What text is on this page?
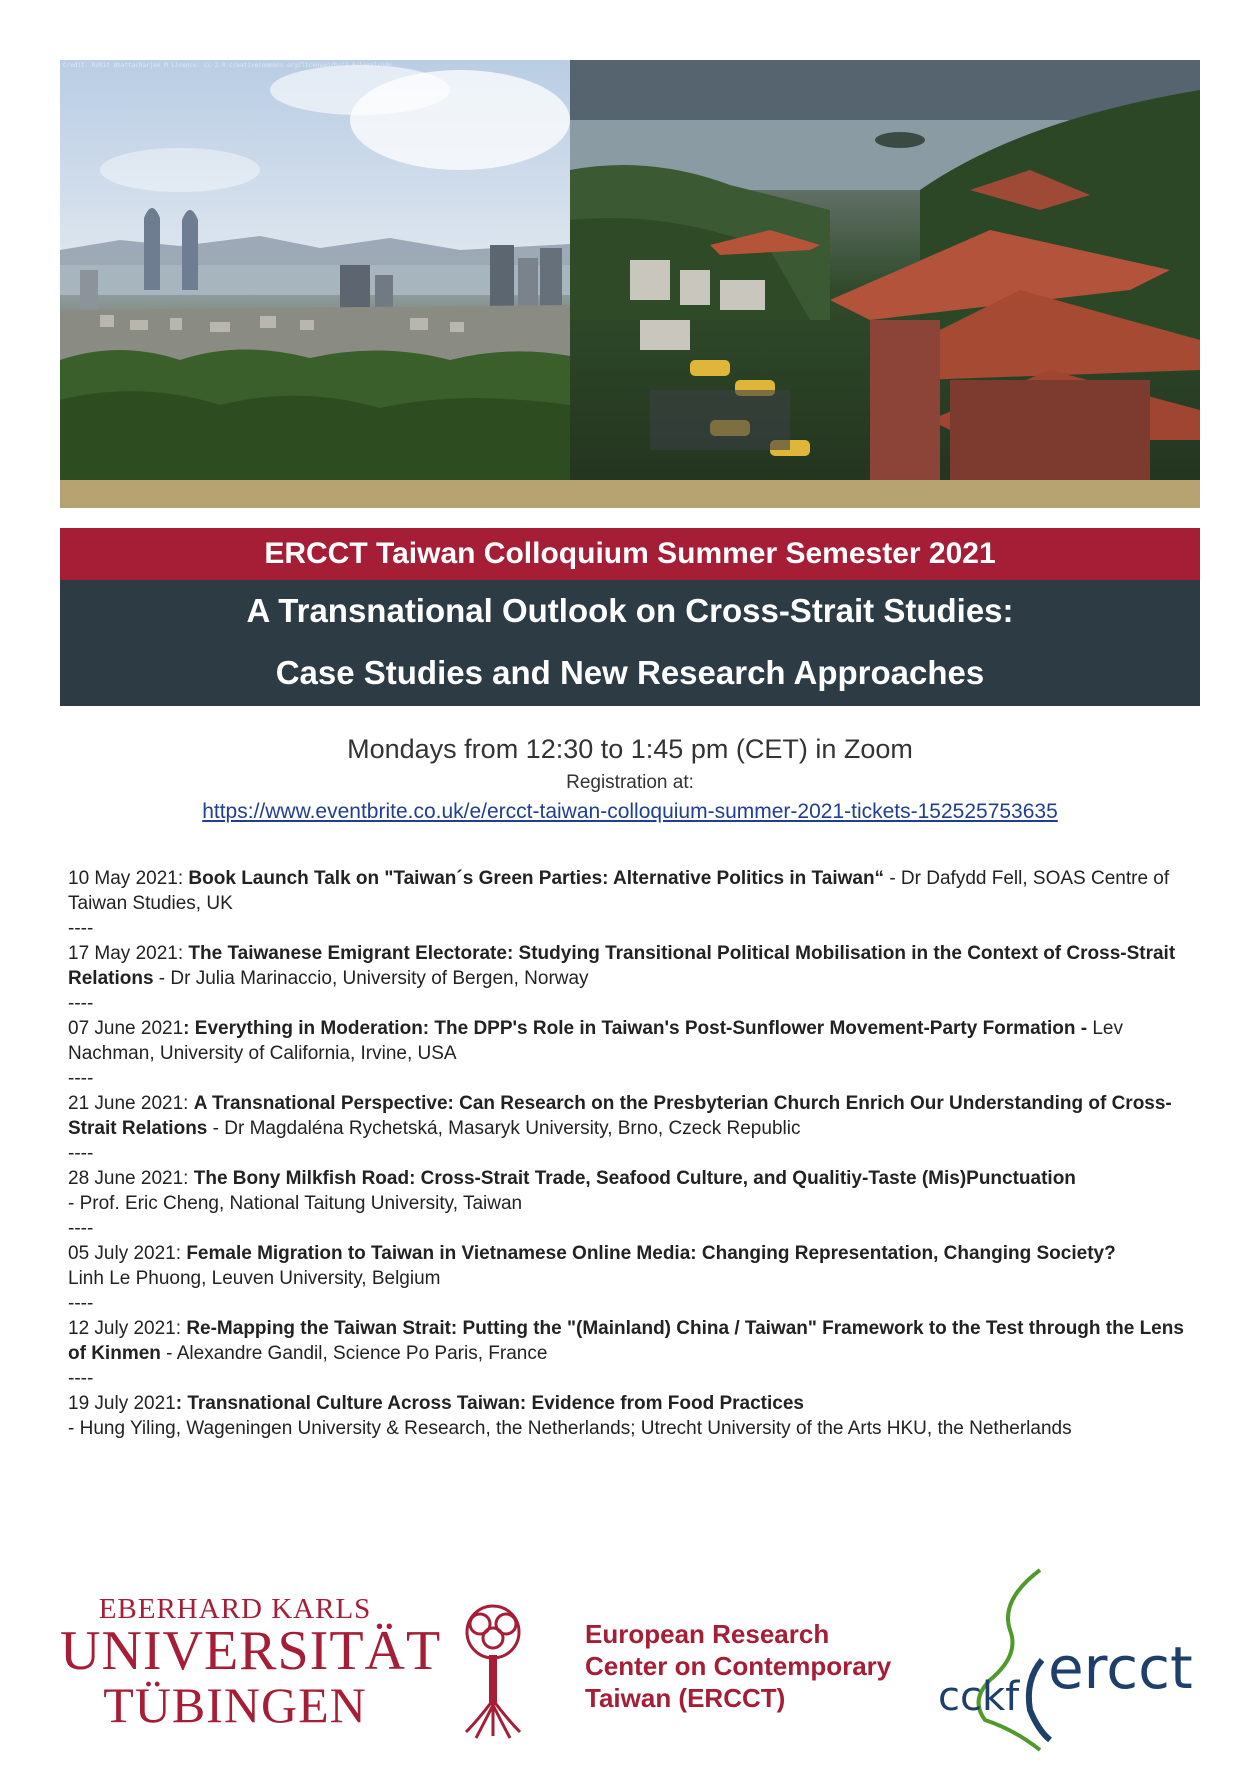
Credit: Rohit Bhattacharjee M Licence: cc 2.0 creativecommons.org/licenses/by/2.0/legalcode
ERCCT Taiwan Colloquium Summer Semester 2021
A Transnational Outlook on Cross-Strait Studies:
Case Studies and New Research Approaches
Mondays from 12:30 to 1:45 pm (CET) in Zoom
Registration at:
https://www.eventbrite.co.uk/e/ercct-taiwan-colloquium-summer-2021-tickets-152525753635

10 May 2021: Book Launch Talk on "Taiwan´s Green Parties: Alternative Politics in Taiwan“ - Dr Dafydd Fell, SOAS Centre of Taiwan Studies, UK

----

17 May 2021: The Taiwanese Emigrant Electorate: Studying Transitional Political Mobilisation in the Context of Cross-Strait Relations - Dr Julia Marinaccio, University of Bergen, Norway

----

07 June 2021: Everything in Moderation: The DPP's Role in Taiwan's Post-Sunflower Movement-Party Formation - Lev Nachman, University of California, Irvine, USA

----

21 June 2021: A Transnational Perspective: Can Research on the Presbyterian Church Enrich Our Understanding of Cross-Strait Relations - Dr Magdaléna Rychetská, Masaryk University, Brno, Czeck Republic

----

28 June 2021: The Bony Milkfish Road: Cross-Strait Trade, Seafood Culture, and Qualitiy-Taste (Mis)Punctuation
- Prof. Eric Cheng, National Taitung University, Taiwan

----

05 July 2021: Female Migration to Taiwan in Vietnamese Online Media: Changing Representation, Changing Society?
Linh Le Phuong, Leuven University, Belgium

----

12 July 2021: Re-Mapping the Taiwan Strait: Putting the "(Mainland) China / Taiwan" Framework to the Test through the Lens of Kinmen - Alexandre Gandil, Science Po Paris, France

----

19 July 2021: Transnational Culture Across Taiwan: Evidence from Food Practices
- Hung Yiling, Wageningen University & Research, the Netherlands; Utrecht University of the Arts HKU, the Netherlands

EBERHARD KARLS
UNIVERSITÄT
TÜBINGEN
European Research
Center on Contemporary
Taiwan (ERCCT)	cckf ercct
